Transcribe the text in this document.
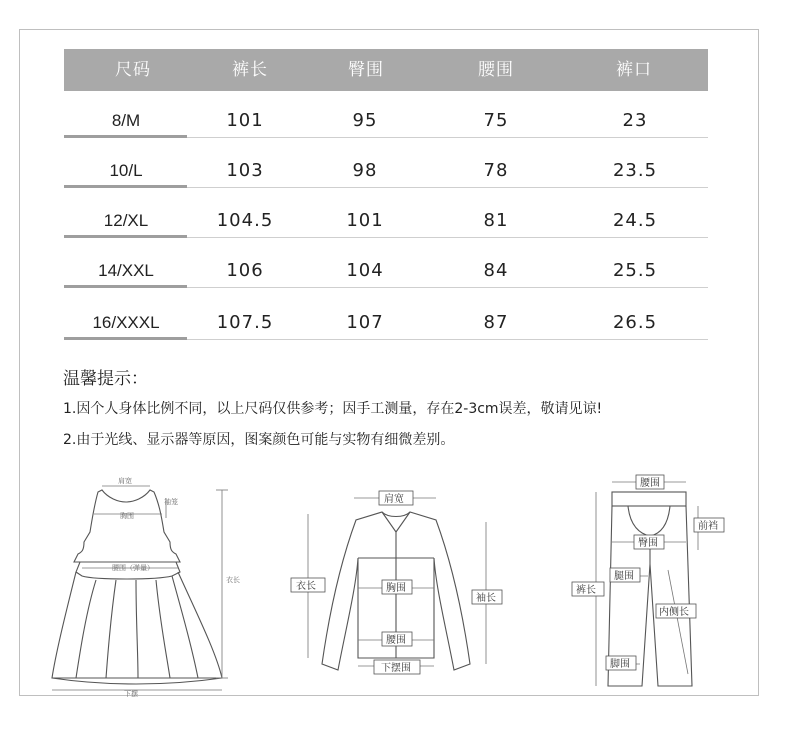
尺码	裤长	臀围	腰围	裤口
8/M	101	95	75	23
10/L	103	98	78	23.5
12/XL	104.5	101	81	24.5
14/XXL	106	104	84	25.5
16/XXXL	107.5	107	87	26.5
温馨提示：
1.因个人身体比例不同，以上尺码仅供参考；因手工测量，存在2-3cm误差，敬请见谅!
2.由于光线、显示器等原因，图案颜色可能与实物有细微差别。
肩宽
胸围
袖笼
腰围（弹量）
衣长
下摆
肩宽
衣长	胸围
袖长
腰围
下摆围
腰围
前裆
臀围
裤长
腿围
内侧长
脚围
